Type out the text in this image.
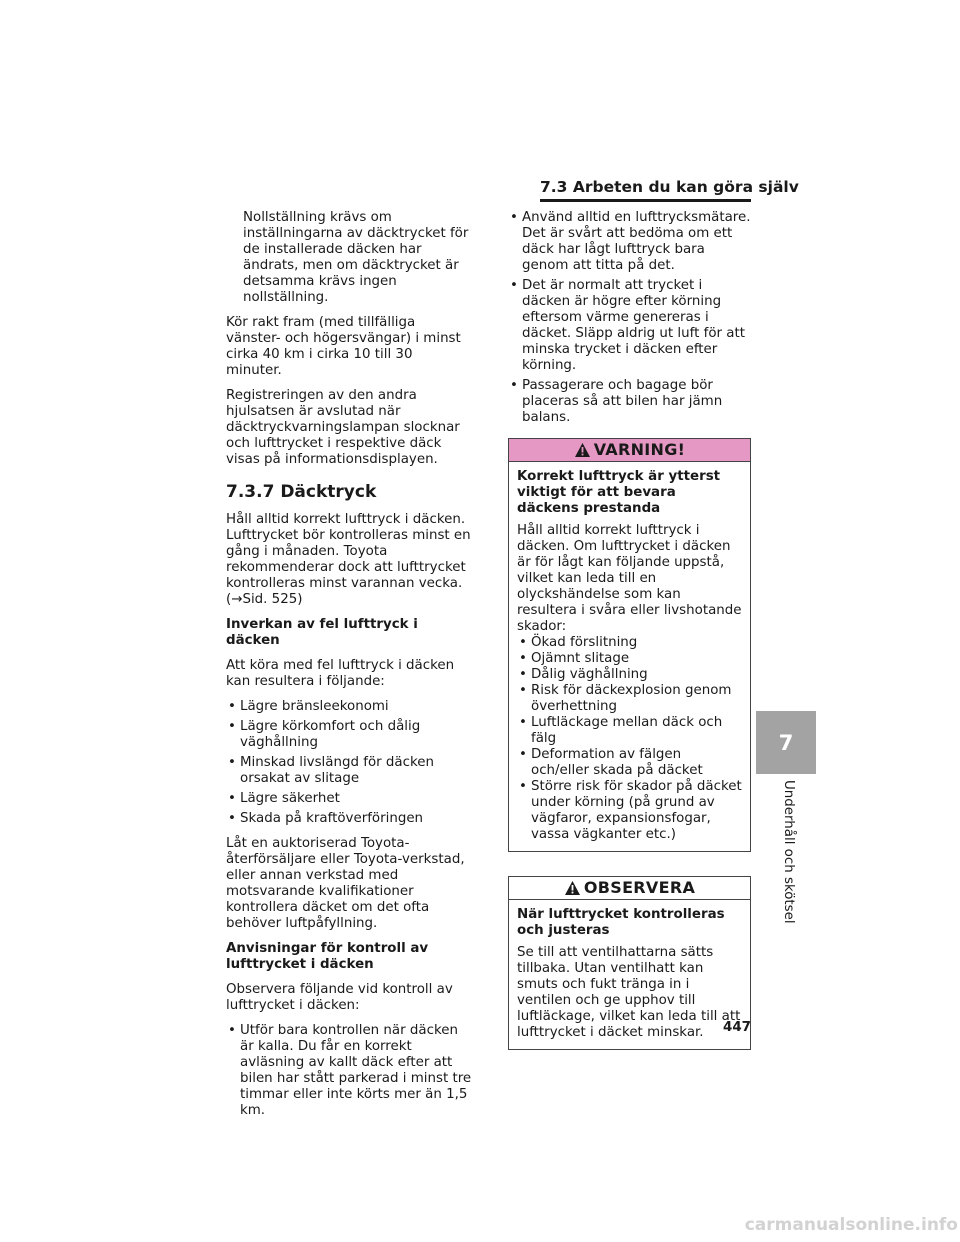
7.3 Arbeten du kan göra själv

Nollställning krävs om inställningarna av däcktrycket för de installerade däcken har ändrats, men om däcktrycket är detsamma krävs ingen nollställning.

Kör rakt fram (med tillfälliga vänster- och högersvängar) i minst cirka 40 km i cirka 10 till 30 minuter.

Registreringen av den andra hjulsatsen är avslutad när däcktryckvarningslampan slocknar och lufttrycket i respektive däck visas på informationsdisplayen.

7.3.7 Däcktryck

Håll alltid korrekt lufttryck i däcken. Lufttrycket bör kontrolleras minst en gång i månaden. Toyota rekommenderar dock att lufttrycket kontrolleras minst varannan vecka. (→Sid. 525)

Inverkan av fel lufttryck i däcken

Att köra med fel lufttryck i däcken kan resultera i följande:

• Lägre bränsleekonomi
• Lägre körkomfort och dålig väghållning
• Minskad livslängd för däcken orsakat av slitage
• Lägre säkerhet
• Skada på kraftöverföringen

Låt en auktoriserad Toyota-återförsäljare eller Toyota-verkstad, eller annan verkstad med motsvarande kvalifikationer kontrollera däcket om det ofta behöver luftpåfyllning.

Anvisningar för kontroll av lufttrycket i däcken

Observera följande vid kontroll av lufttrycket i däcken:

• Utför bara kontrollen när däcken är kalla. Du får en korrekt avläsning av kallt däck efter att bilen har stått parkerad i minst tre timmar eller inte körts mer än 1,5 km.
• Använd alltid en lufttrycksmätare. Det är svårt att bedöma om ett däck har lågt lufttryck bara genom att titta på det.
• Det är normalt att trycket i däcken är högre efter körning eftersom värme genereras i däcket. Släpp aldrig ut luft för att minska trycket i däcken efter körning.
• Passagerare och bagage bör placeras så att bilen har jämn balans.
VARNING!

Korrekt lufttryck är ytterst viktigt för att bevara däckens prestanda

Håll alltid korrekt lufttryck i däcken. Om lufttrycket i däcken är för lågt kan följande uppstå, vilket kan leda till en olyckshändelse som kan resultera i svåra eller livshotande skador:

• Ökad förslitning
• Ojämnt slitage
• Dålig väghållning
• Risk för däckexplosion genom överhettning
• Luftläckage mellan däck och fälg
• Deformation av fälgen och/eller skada på däcket
• Större risk för skador på däcket under körning (på grund av vägfaror, expansionsfogar, vassa vägkanter etc.)
OBSERVERA

När lufttrycket kontrolleras och justeras

Se till att ventilhattarna sätts tillbaka. Utan ventilhatt kan smuts och fukt tränga in i ventilen och ge upphov till luftläckage, vilket kan leda till att lufttrycket i däcket minskar.

7
Underhåll och skötsel
447
carmanualsonline.info
